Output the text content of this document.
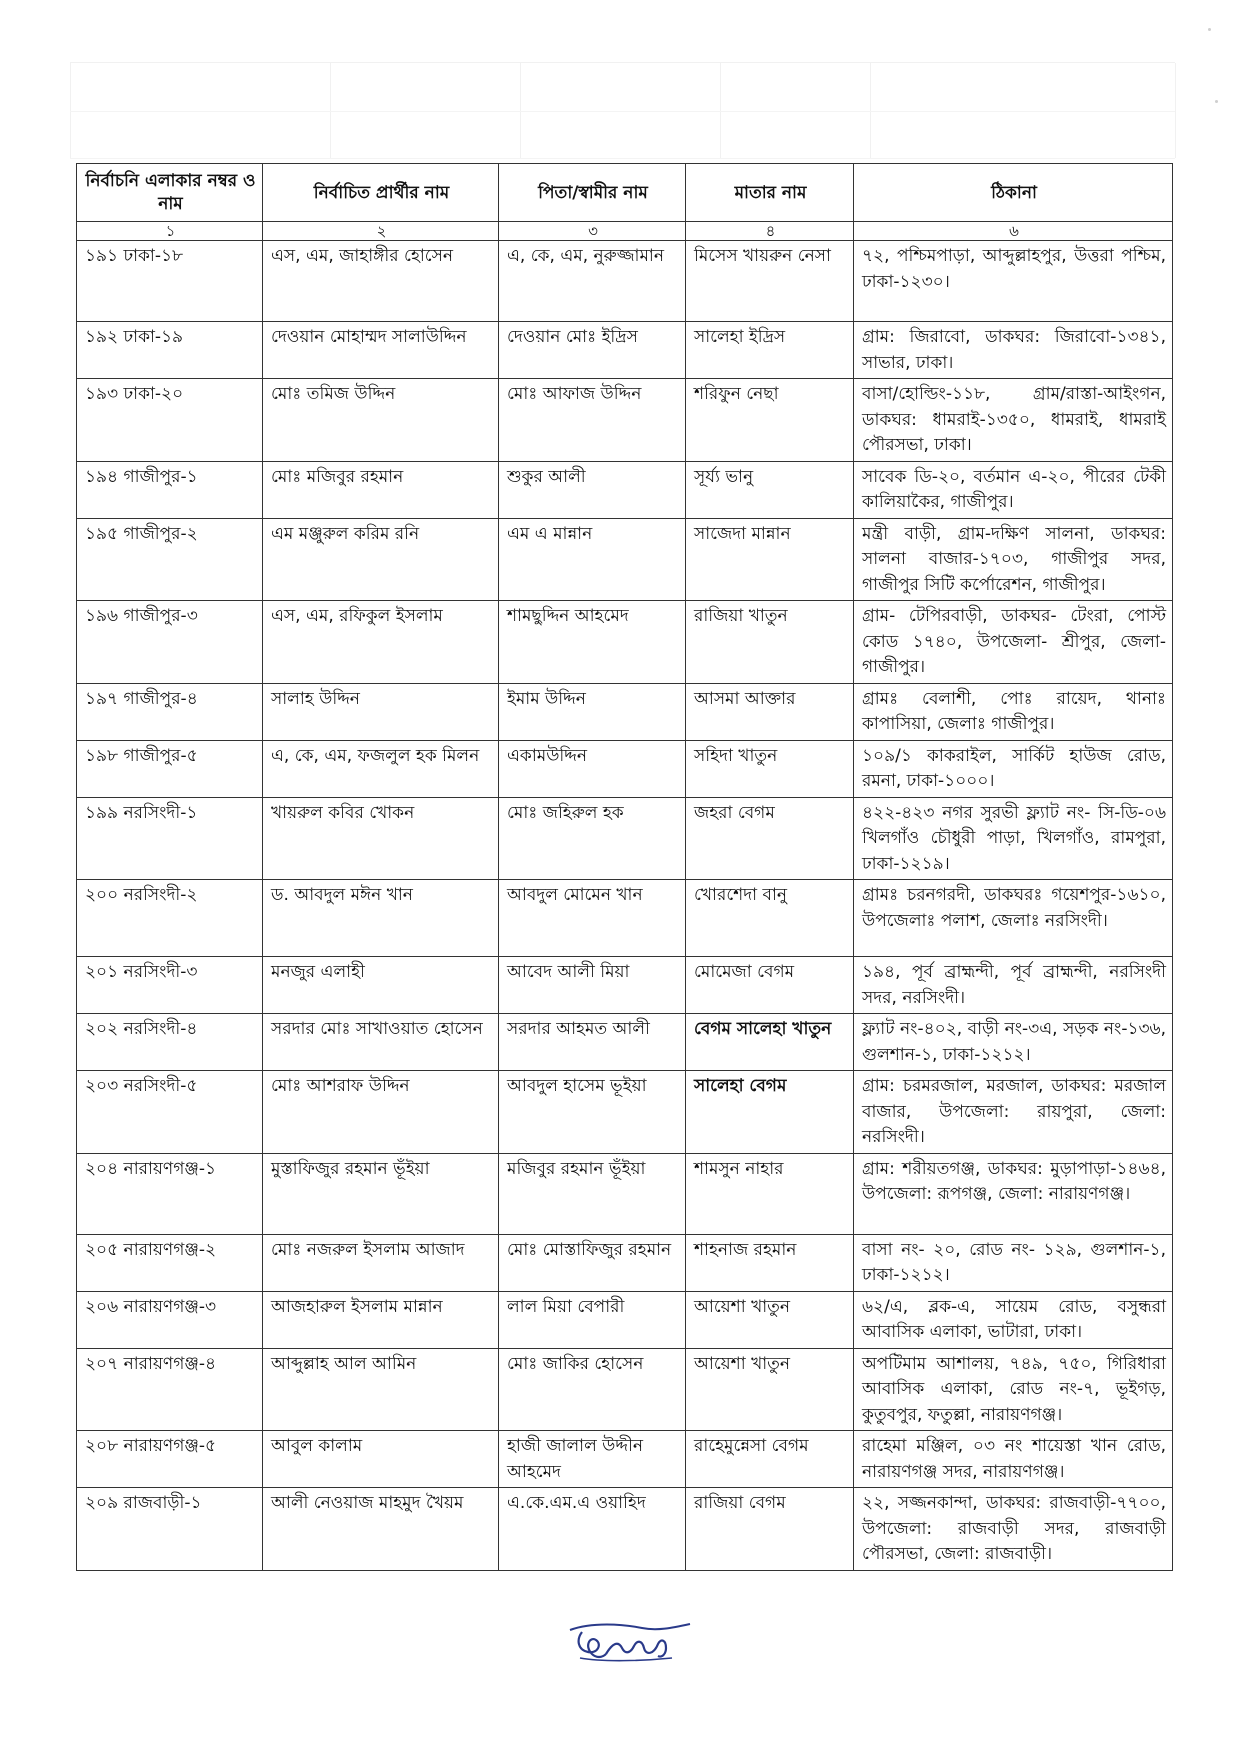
নির্বাচনি এলাকার নম্বর ও নাম	নির্বাচিত প্রার্থীর নাম	পিতা/স্বামীর নাম	মাতার নাম	ঠিকানা
১	২	৩	৪	৬
১৯১ ঢাকা-১৮	এস, এম, জাহাঙ্গীর হোসেন	এ, কে, এম, নুরুজ্জামান	মিসেস খায়রুন নেসা	৭২, পশ্চিমপাড়া, আব্দুল্লাহপুর, উত্তরা পশ্চিম, ঢাকা-১২৩০।
১৯২ ঢাকা-১৯	দেওয়ান মোহাম্মদ সালাউদ্দিন	দেওয়ান মোঃ ইদ্রিস	সালেহা ইদ্রিস	গ্রাম: জিরাবো, ডাকঘর: জিরাবো-১৩৪১, সাভার, ঢাকা।
১৯৩ ঢাকা-২০	মোঃ তমিজ উদ্দিন	মোঃ আফাজ উদ্দিন	শরিফুন নেছা	বাসা/হোল্ডিং-১১৮, গ্রাম/রাস্তা-আইংগন, ডাকঘর: ধামরাই-১৩৫০, ধামরাই, ধামরাই পৌরসভা, ঢাকা।
১৯৪ গাজীপুর-১	মোঃ মজিবুর রহমান	শুকুর আলী	সূর্য্য ভানু	সাবেক ডি-২০, বর্তমান এ-২০, পীরের টেকী কালিয়াকৈর, গাজীপুর।
১৯৫ গাজীপুর-২	এম মঞ্জুরুল করিম রনি	এম এ মান্নান	সাজেদা মান্নান	মন্ত্রী বাড়ী, গ্রাম-দক্ষিণ সালনা, ডাকঘর: সালনা বাজার-১৭০৩, গাজীপুর সদর, গাজীপুর সিটি কর্পোরেশন, গাজীপুর।
১৯৬ গাজীপুর-৩	এস, এম, রফিকুল ইসলাম	শামছুদ্দিন আহমেদ	রাজিয়া খাতুন	গ্রাম- টেপিরবাড়ী, ডাকঘর- টেংরা, পোস্ট কোড ১৭৪০, উপজেলা- শ্রীপুর, জেলা-গাজীপুর।
১৯৭ গাজীপুর-৪	সালাহ উদ্দিন	ইমাম উদ্দিন	আসমা আক্তার	গ্রামঃ বেলাশী, পোঃ রায়েদ, থানাঃ কাপাসিয়া, জেলাঃ গাজীপুর।
১৯৮ গাজীপুর-৫	এ, কে, এম, ফজলুল হক মিলন	একামউদ্দিন	সহিদা খাতুন	১০৯/১ কাকরাইল, সার্কিট হাউজ রোড, রমনা, ঢাকা-১০০০।
১৯৯ নরসিংদী-১	খায়রুল কবির খোকন	মোঃ জহিরুল হক	জহরা বেগম	৪২২-৪২৩ নগর সুরভী ফ্ল্যাট নং- সি-ডি-০৬ খিলগাঁও চৌধুরী পাড়া, খিলগাঁও, রামপুরা, ঢাকা-১২১৯।
২০০ নরসিংদী-২	ড. আবদুল মঈন খান	আবদুল মোমেন খান	খোরশেদা বানু	গ্রামঃ চরনগরদী, ডাকঘরঃ গয়েশপুর-১৬১০, উপজেলাঃ পলাশ, জেলাঃ নরসিংদী।
২০১ নরসিংদী-৩	মনজুর এলাহী	আবেদ আলী মিয়া	মোমেজা বেগম	১৯৪, পূর্ব ব্রাহ্মন্দী, পূর্ব ব্রাহ্মন্দী, নরসিংদী সদর, নরসিংদী।
২০২ নরসিংদী-৪	সরদার মোঃ সাখাওয়াত হোসেন	সরদার আহমত আলী	বেগম সালেহা খাতুন	ফ্ল্যাট নং-৪০২, বাড়ী নং-৩এ, সড়ক নং-১৩৬, গুলশান-১, ঢাকা-১২১২।
২০৩ নরসিংদী-৫	মোঃ আশরাফ উদ্দিন	আবদুল হাসেম ভূইয়া	সালেহা বেগম	গ্রাম: চরমরজাল, মরজাল, ডাকঘর: মরজাল বাজার, উপজেলা: রায়পুরা, জেলা: নরসিংদী।
২০৪ নারায়ণগঞ্জ-১	মুস্তাফিজুর রহমান ভূঁইয়া	মজিবুর রহমান ভূঁইয়া	শামসুন নাহার	গ্রাম: শরীয়তগঞ্জ, ডাকঘর: মুড়াপাড়া-১৪৬৪, উপজেলা: রূপগঞ্জ, জেলা: নারায়ণগঞ্জ।
২০৫ নারায়ণগঞ্জ-২	মোঃ নজরুল ইসলাম আজাদ	মোঃ মোস্তাফিজুর রহমান	শাহনাজ রহমান	বাসা নং- ২০, রোড নং- ১২৯, গুলশান-১, ঢাকা-১২১২।
২০৬ নারায়ণগঞ্জ-৩	আজহারুল ইসলাম মান্নান	লাল মিয়া বেপারী	আয়েশা খাতুন	৬২/এ, ব্লক-এ, সায়েম রোড, বসুন্ধরা আবাসিক এলাকা, ভাটারা, ঢাকা।
২০৭ নারায়ণগঞ্জ-৪	আব্দুল্লাহ আল আমিন	মোঃ জাকির হোসেন	আয়েশা খাতুন	অপটিমাম আশালয়, ৭৪৯, ৭৫০, গিরিধারা আবাসিক এলাকা, রোড নং-৭, ভূইগড়, কুতুবপুর, ফতুল্লা, নারায়ণগঞ্জ।
২০৮ নারায়ণগঞ্জ-৫	আবুল কালাম	হাজী জালাল উদ্দীন আহমেদ	রাহেমুন্নেসা বেগম	রাহেমা মঞ্জিল, ০৩ নং শায়েস্তা খান রোড, নারায়ণগঞ্জ সদর, নারায়ণগঞ্জ।
২০৯ রাজবাড়ী-১	আলী নেওয়াজ মাহমুদ খৈয়ম	এ.কে.এম.এ ওয়াহিদ	রাজিয়া বেগম	২২, সজ্জনকান্দা, ডাকঘর: রাজবাড়ী-৭৭০০, উপজেলা: রাজবাড়ী সদর, রাজবাড়ী পৌরসভা, জেলা: রাজবাড়ী।
